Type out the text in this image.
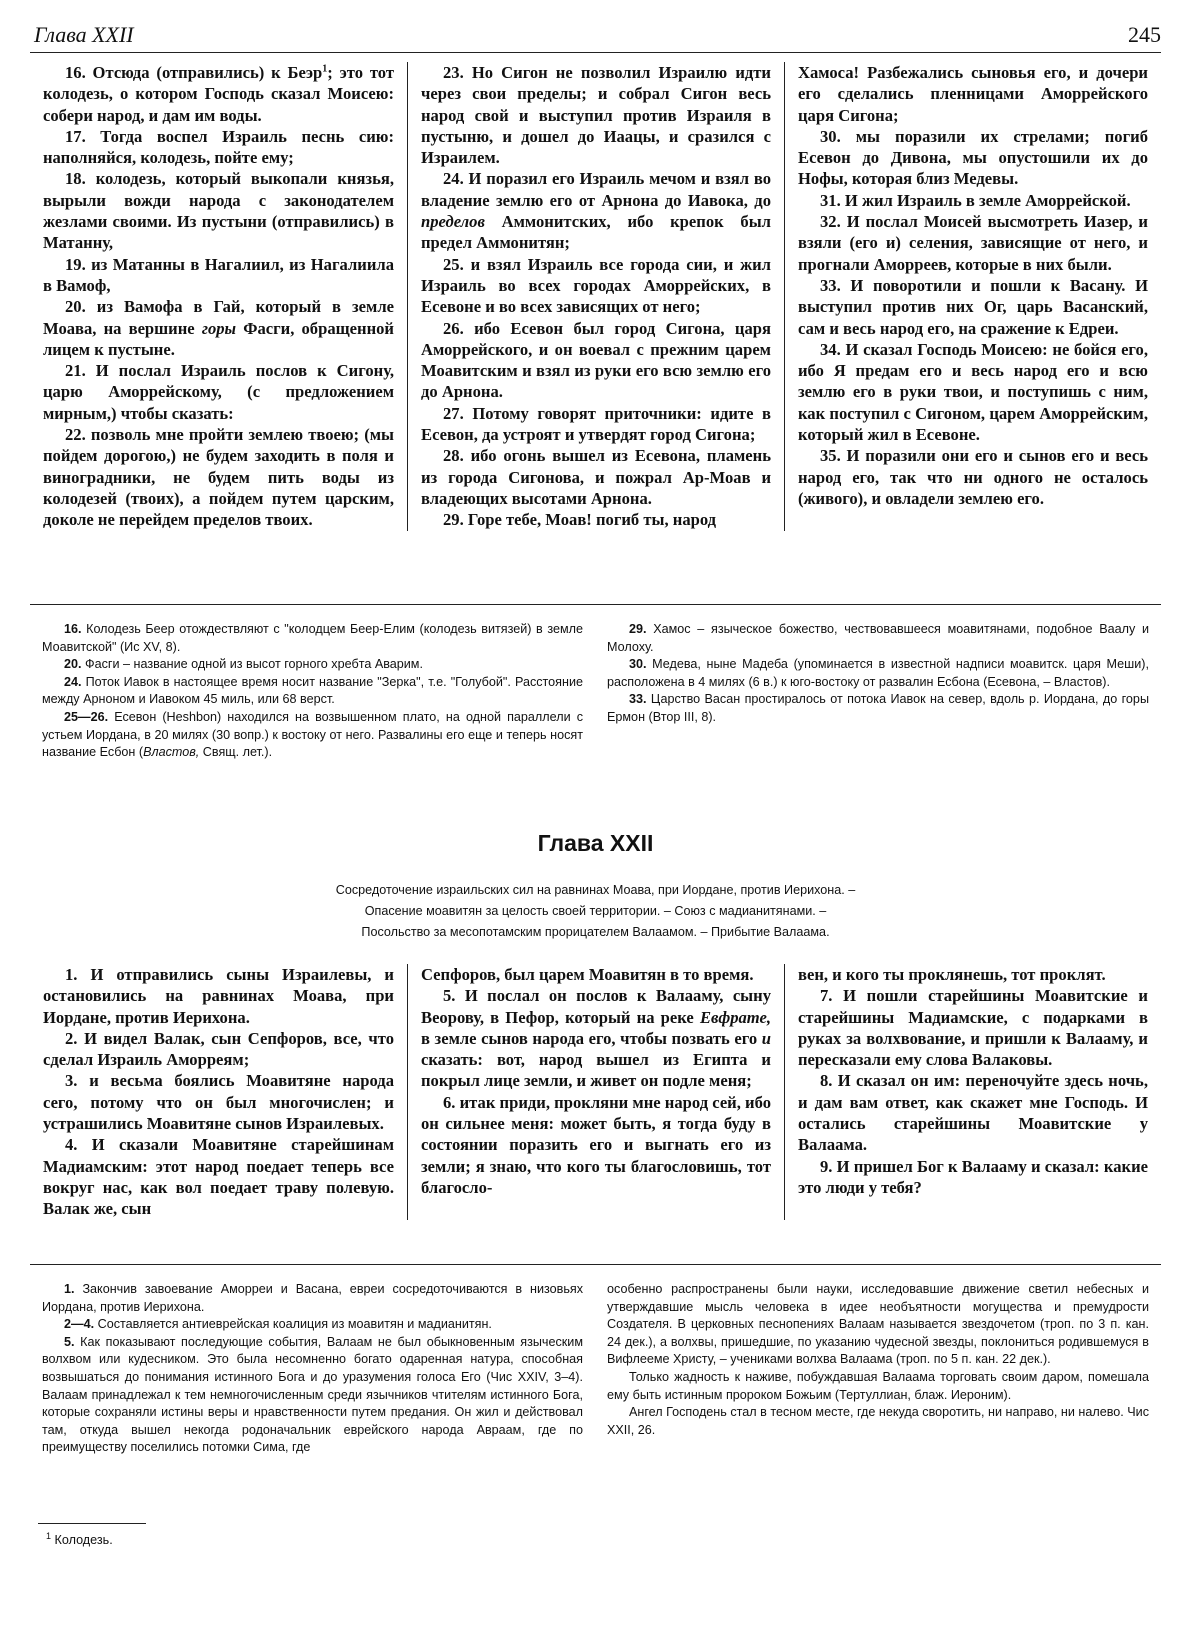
Глава XXII	245

16. Отсюда (отправились) к Беэр$^1$; это тот колодезь, о котором Господь сказал Моисею: собери народ, и дам им воды.

17. Тогда воспел Израиль песнь сию: наполняйся, колодезь, пойте ему;

18. колодезь, который выкопали князья, вырыли вожди народа с законодателем жезлами своими. Из пустыни (отправились) в Матанну,

19. из Матанны в Нагалиил, из Нагалиила в Вамоф,

20. из Вамофа в Гай, который в земле Моава, на вершине горы Фасги, обращенной лицем к пустыне.

21. И послал Израиль послов к Сигону, царю Аморрейскому, (с предложением мирным,) чтобы сказать:

22. позволь мне пройти землею твоею; (мы пойдем дорогою,) не будем заходить в поля и виноградники, не будем пить воды из колодезей (твоих), а пойдем путем царским, доколе не перейдем пределов твоих.

23. Но Сигон не позволил Израилю идти через свои пределы; и собрал Сигон весь народ свой и выступил против Израиля в пустыню, и дошел до Иаацы, и сразился с Израилем.

24. И поразил его Израиль мечом и взял во владение землю его от Арнона до Иавока, до пределов Аммонитских, ибо крепок был предел Аммонитян;

25. и взял Израиль все города сии, и жил Израиль во всех городах Аморрейских, в Есевоне и во всех зависящих от него;

26. ибо Есевон был город Сигона, царя Аморрейского, и он воевал с прежним царем Моавитским и взял из руки его всю землю его до Арнона.

27. Потому говорят приточники: идите в Есевон, да устроят и утвердят город Сигона;

28. ибо огонь вышел из Есевона, пламень из города Сигонова, и пожрал Ар-Моав и владеющих высотами Арнона.

29. Горе тебе, Моав! погиб ты, народ

Хамоса! Разбежались сыновья его, и дочери его сделались пленницами Аморрейского царя Сигона;

30. мы поразили их стрелами; погиб Есевон до Дивона, мы опустошили их до Нофы, которая близ Медевы.

31. И жил Израиль в земле Аморрейской.

32. И послал Моисей высмотреть Иазер, и взяли (его и) селения, зависящие от него, и прогнали Аморреев, которые в них были.

33. И поворотили и пошли к Васану. И выступил против них Ог, царь Васанский, сам и весь народ его, на сражение к Едреи.

34. И сказал Господь Моисею: не бойся его, ибо Я предам его и весь народ его и всю землю его в руки твои, и поступишь с ним, как поступил с Сигоном, царем Аморрейским, который жил в Есевоне.

35. И поразили они его и сынов его и весь народ его, так что ни одного не осталось (живого), и овладели землею его.

16. Колодезь Беер отождествляют с "колодцем Беер-Елим (колодезь витязей) в земле Моавитской" (Ис XV, 8).

20. Фасги – название одной из высот горного хребта Аварим.

24. Поток Иавок в настоящее время носит название "Зерка", т.е. "Голубой". Расстояние между Арноном и Иавоком 45 миль, или 68 верст.

25—26. Есевон (Heshbon) находился на возвышенном плато, на одной параллели с устьем Иордана, в 20 милях (30 вопр.) к востоку от него. Развалины его еще и теперь носят название Есбон (Властов, Свящ. лет.).

29. Хамос – языческое божество, чествовавшееся моавитянами, подобное Ваалу и Молоху.

30. Медева, ныне Мадеба (упоминается в известной надписи моавитск. царя Меши), расположена в 4 милях (6 в.) к юго-востоку от развалин Есбона (Есевона, – Властов).

33. Царство Васан простиралось от потока Иавок на север, вдоль р. Иордана, до горы Ермон (Втор III, 8).

Глава XXII
Сосредоточение израильских сил на равнинах Моава, при Иордане, против Иерихона. –
Опасение моавитян за целость своей территории. – Союз с мадианитянами. –
Посольство за месопотамским прорицателем Валаамом. – Прибытие Валаама.

1. И отправились сыны Израилевы, и остановились на равнинах Моава, при Иордане, против Иерихона.

2. И видел Валак, сын Сепфоров, все, что сделал Израиль Аморреям;

3. и весьма боялись Моавитяне народа сего, потому что он был многочислен; и устрашились Моавитяне сынов Израилевых.

4. И сказали Моавитяне старейшинам Мадиамским: этот народ поедает теперь все вокруг нас, как вол поедает траву полевую. Валак же, сын

Сепфоров, был царем Моавитян в то время.

5. И послал он послов к Валааму, сыну Веорову, в Пефор, который на реке Евфрате, в земле сынов народа его, чтобы позвать его и сказать: вот, народ вышел из Египта и покрыл лице земли, и живет он подле меня;

6. итак приди, прокляни мне народ сей, ибо он сильнее меня: может быть, я тогда буду в состоянии поразить его и выгнать его из земли; я знаю, что кого ты благословишь, тот благосло-

вен, и кого ты проклянешь, тот проклят.

7. И пошли старейшины Моавитские и старейшины Мадиамские, с подарками в руках за волхвование, и пришли к Валааму, и пересказали ему слова Валаковы.

8. И сказал он им: переночуйте здесь ночь, и дам вам ответ, как скажет мне Господь. И остались старейшины Моавитские у Валаама.

9. И пришел Бог к Валааму и сказал: какие это люди у тебя?

1. Закончив завоевание Аморреи и Васана, евреи сосредоточиваются в низовьях Иордана, против Иерихона.

2—4. Составляется антиеврейская коалиция из моавитян и мадианитян.

5. Как показывают последующие события, Валаам не был обыкновенным языческим волхвом или кудесником. Это была несомненно богато одаренная натура, способная возвышаться до понимания истинного Бога и до уразумения голоса Его (Чис XXIV, 3–4). Валаам принадлежал к тем немногочисленным среди язычников чтителям истинного Бога, которые сохраняли истины веры и нравственности путем предания. Он жил и действовал там, откуда вышел некогда родоначальник еврейского народа Авраам, где по преимуществу поселились потомки Сима, где

особенно распространены были науки, исследовавшие движение светил небесных и утверждавшие мысль человека в идее необъятности могущества и премудрости Создателя. В церковных песнопениях Валаам называется звездочетом (троп. по 3 п. кан. 24 дек.), а волхвы, пришедшие, по указанию чудесной звезды, поклониться родившемуся в Вифлееме Христу, – учениками волхва Валаама (троп. по 5 п. кан. 22 дек.).

Только жадность к наживе, побуждавшая Валаама торговать своим даром, помешала ему быть истинным пророком Божьим (Тертуллиан, блаж. Иероним).

Ангел Господень стал в тесном месте, где некуда своротить, ни направо, ни налево. Чис XXII, 26.

$^1$ Колодезь.
